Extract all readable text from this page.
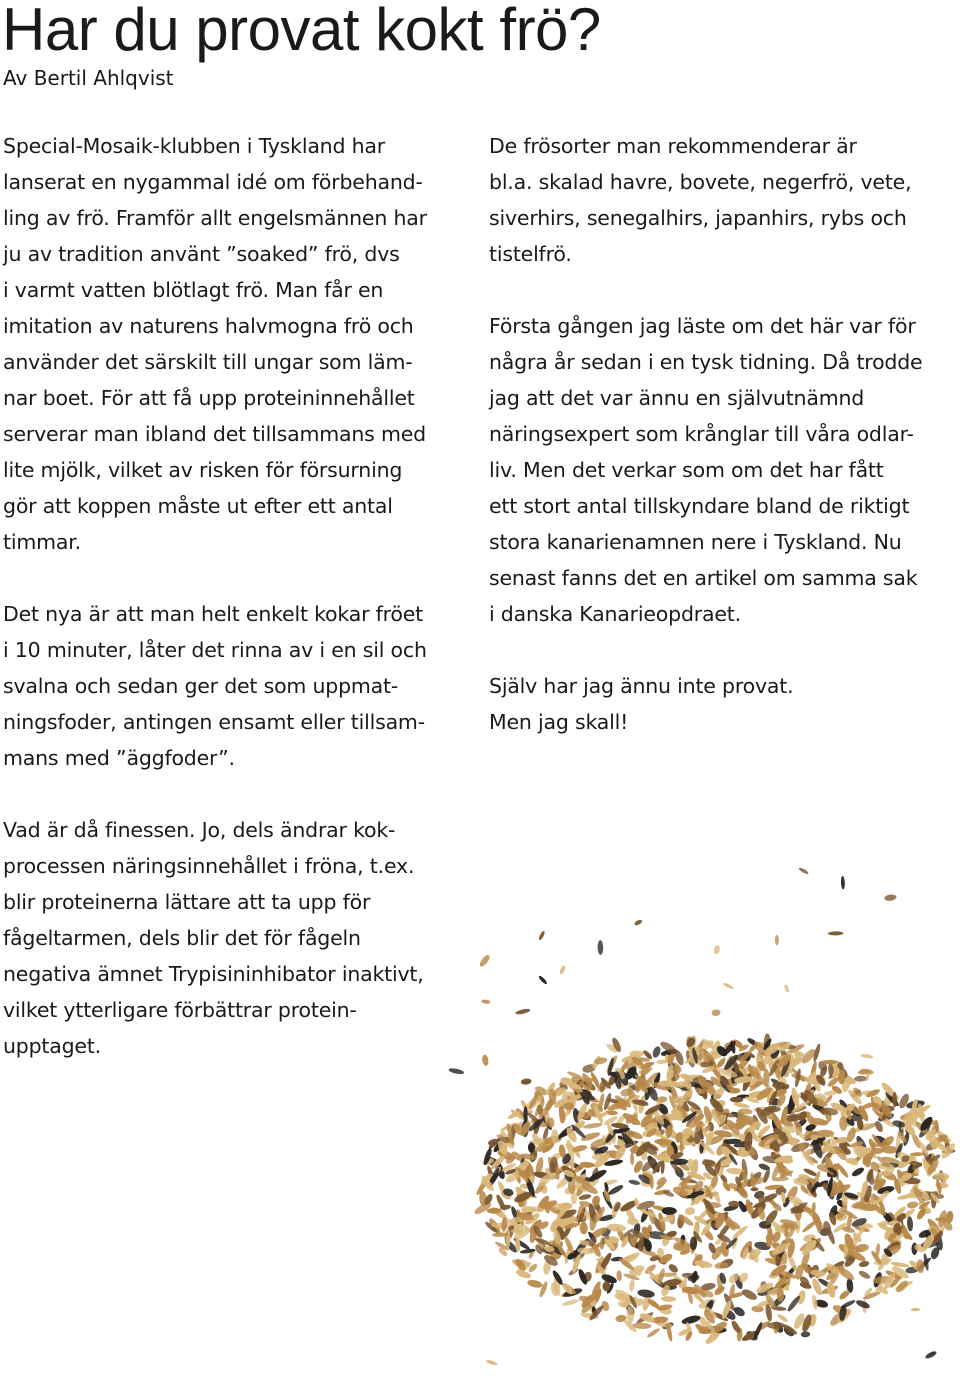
Har du provat kokt frö?
Av Bertil Ahlqvist

Special-Mosaik-klubben i Tyskland har
lanserat en nygammal idé om förbehand-
ling av frö. Framför allt engelsmännen har
ju av tradition använt ”soaked” frö, dvs
i varmt vatten blötlagt frö. Man får en
imitation av naturens halvmogna frö och
använder det särskilt till ungar som läm-
nar boet. För att få upp proteininnehållet
serverar man ibland det tillsammans med
lite mjölk, vilket av risken för försurning
gör att koppen måste ut efter ett antal
timmar.

Det nya är att man helt enkelt kokar fröet
i 10 minuter, låter det rinna av i en sil och
svalna och sedan ger det som uppmat-
ningsfoder, antingen ensamt eller tillsam-
mans med ”äggfoder”.

Vad är då finessen. Jo, dels ändrar kok-
processen näringsinnehållet i fröna, t.ex.
blir proteinerna lättare att ta upp för
fågeltarmen, dels blir det för fågeln
negativa ämnet Trypisininhibator inaktivt,
vilket ytterligare förbättrar protein-
upptaget.

De frösorter man rekommenderar är
bl.a. skalad havre, bovete, negerfrö, vete,
siverhirs, senegalhirs, japanhirs, rybs och
tistelfrö.

Första gången jag läste om det här var för
några år sedan i en tysk tidning. Då trodde
jag att det var ännu en självutnämnd
näringsexpert som krånglar till våra odlar-
liv. Men det verkar som om det har fått
ett stort antal tillskyndare bland de riktigt
stora kanarienamnen nere i Tyskland. Nu
senast fanns det en artikel om samma sak
i danska Kanarieopdraet.

Själv har jag ännu inte provat.
Men jag skall!
